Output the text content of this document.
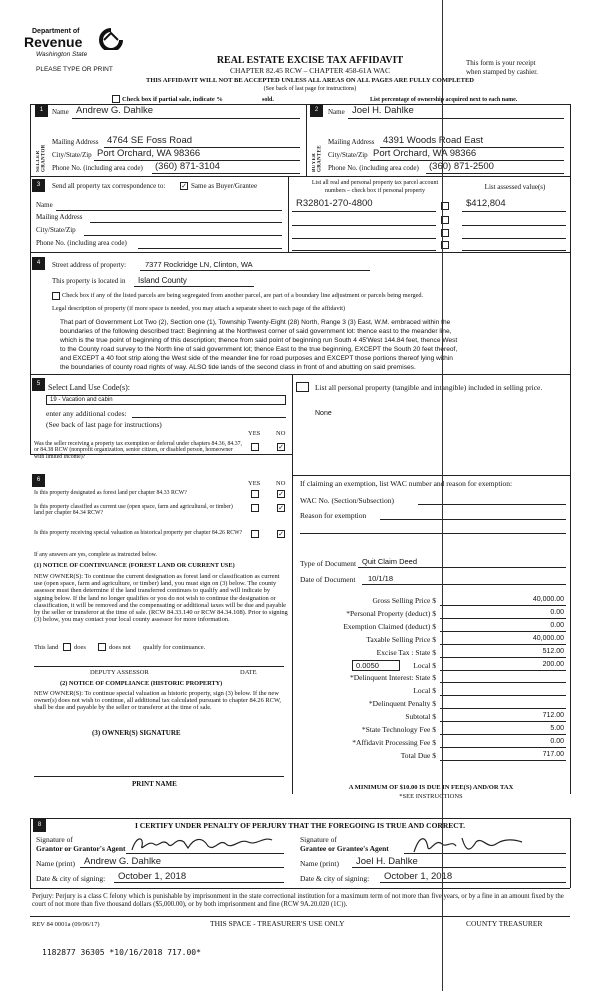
Department of
Revenue
Washington State
PLEASE TYPE OR PRINT
REAL ESTATE EXCISE TAX AFFIDAVIT
CHAPTER 82.45 RCW – CHAPTER 458-61A WAC
THIS AFFIDAVIT WILL NOT BE ACCEPTED UNLESS ALL AREAS ON ALL PAGES ARE FULLY COMPLETED
(See back of last page for instructions)
This form is your receipt
when stamped by cashier.
Check box if partial sale, indicate %	sold.	List percentage of ownership acquired next to each name.
1
SELLER GRANTOR
Name Andrew G. Dahlke
Mailing Address 4764 SE Foss Road
City/State/Zip Port Orchard, WA 98366
Phone No. (including area code) (360) 871-3104
2
BUYER GRANTEE
Name Joel H. Dahlke
Mailing Address 4391 Woods Road East
City/State/Zip Port Orchard, WA 98366
Phone No. (including area code) (360) 871-2500
3	Send all property tax correspondence to: ✓ Same as Buyer/Grantee
Name
Mailing Address
City/State/Zip
Phone No. (including area code)
List all real and personal property tax parcel account
numbers – check box if personal property	List assessed value(s)
R32801-270-4800	$412,804
4	Street address of property:	7377 Rockridge LN, Clinton, WA
This property is located in Island County
Check box if any of the listed parcels are being segregated from another parcel, are part of a boundary line adjustment or parcels being merged.
Legal description of property (if more space is needed, you may attach a separate sheet to each page of the affidavit)
That part of Government Lot Two (2), Section one (1), Township Twenty-Eight (28) North, Range 3 (3) East, W.M. embraced within the
boundaries of the following described tract: Beginning at the Northwest corner of said government lot: thence east to the meander line,
which is the true point of beginning of this description; thence from said point of beginning run South 4 45'West 144.84 feet, thence West
to the County road survey to the North line of said government lot; thence East to the true beginning, EXCEPT the South 20 feet thereof,
and EXCEPT a 40 foot strip along the West side of the meander line for road purposes and EXCEPT those portions thereof lying within
the boundaries of county road rights of way. ALSO tide lands of the second class in front of and abutting on said premises.
5 Select Land Use Code(s):
19 - Vacation and cabin
enter any additional codes:
(See back of last page for instructions)
YES NO
Was the seller receiving a property tax exemption or deferral under chapters 84.36, 84.37, or 84.38 RCW (nonprofit organization, senior citizen, or disabled person, homeowner with limited income)?
✓
List all personal property (tangible and intangible) included in selling price.
None
6	YES NO
Is this property designated as forest land per chapter 84.33 RCW?	✓
Is this property classified as current use (open space, farm and agricultural, or timber) land per chapter 84.34 RCW?
✓
Is this property receiving special valuation as historical property per chapter 84.26 RCW?	✓
If any answers are yes, complete as instructed below.
(1) NOTICE OF CONTINUANCE (FOREST LAND OR CURRENT USE)
NEW OWNER(S): To continue the current designation as forest land or classification as current use (open space, farm and agriculture, or timber) land, you must sign on (3) below. The county assessor must then determine if the land transferred continues to qualify and will indicate by signing below. If the land no longer qualifies or you do not wish to continue the designation or classification, it will be removed and the compensating or additional taxes will be due and payable by the seller or transferor at the time of sale. (RCW 84.33.140 or RCW 84.34.108). Prior to signing (3) below, you may contact your local county assessor for more information.
This land does	does not qualify for continuance.
DEPUTY ASSESSOR	DATE
(2) NOTICE OF COMPLIANCE (HISTORIC PROPERTY)
NEW OWNER(S): To continue special valuation as historic property, sign (3) below. If the new owner(s) does not wish to continue, all additional tax calculated pursuant to chapter 84.26 RCW, shall be due and payable by the seller or transferor at the time of sale.
(3) OWNER(S) SIGNATURE
PRINT NAME
If claiming an exemption, list WAC number and reason for exemption:
WAC No. (Section/Subsection)
Reason for exemption
Type of Document Quit Claim Deed
Date of Document 10/1/18
Gross Selling Price $	40,000.00
*Personal Property (deduct) $	0.00
Exemption Claimed (deduct) $	0.00
Taxable Selling Price $	40,000.00
Excise Tax : State $	512.00
Local $	200.00
*Delinquent Interest: State $
Local $
*Delinquent Penalty $
Subtotal $	712.00
*State Technology Fee $	5.00
*Affidavit Processing Fee $	0.00
Total Due $	717.00
0.0050
A MINIMUM OF $10.00 IS DUE IN FEE(S) AND/OR TAX
*SEE INSTRUCTIONS
8	I CERTIFY UNDER PENALTY OF PERJURY THAT THE FOREGOING IS TRUE AND CORRECT.
Signature of
Grantor or Grantor's Agent
Name (print) Andrew G. Dahlke
Date & city of signing: October 1, 2018
Signature of
Grantee or Grantee's Agent
Name (print) Joel H. Dahlke
Date & city of signing: October 1, 2018
Perjury: Perjury is a class C felony which is punishable by imprisonment in the state correctional institution for a maximum term of not more than five years, or by a fine in an amount fixed by the court of not more than five thousand dollars ($5,000.00), or by both imprisonment and fine (RCW 9A.20.020 (1C)).
REV 84 0001a (09/06/17)	THIS SPACE - TREASURER'S USE ONLY	COUNTY TREASURER
1182877 36305 *10/16/2018 717.00*
